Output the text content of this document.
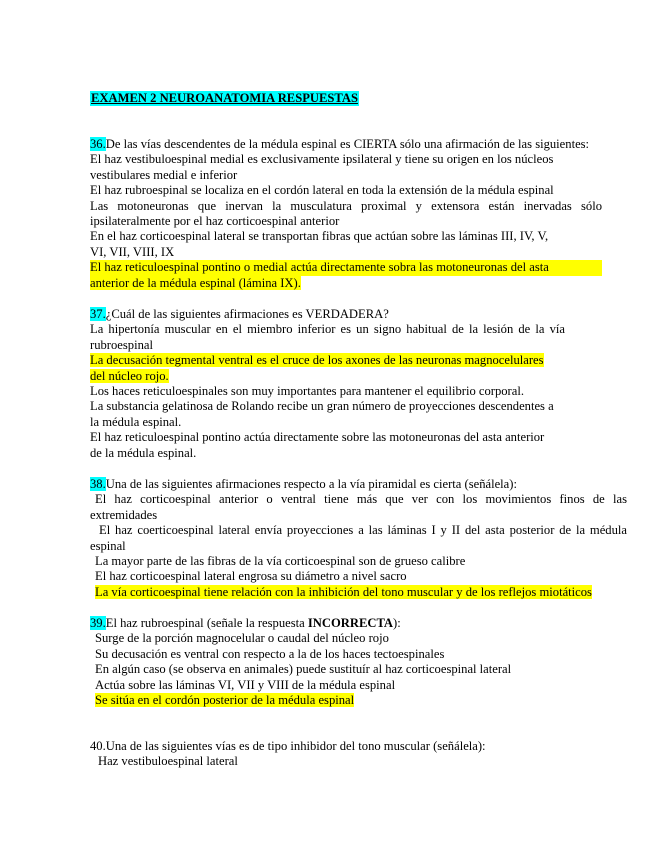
EXAMEN 2 NEUROANATOMIA RESPUESTAS
36.De las vías descendentes de la médula espinal es CIERTA sólo una afirmación de las siguientes:
El haz vestibuloespinal medial es exclusivamente ipsilateral y tiene su origen en los núcleos
vestibulares medial e inferior
El haz rubroespinal se localiza en el cordón lateral en toda la extensión de la médula espinal
Las motoneuronas que inervan la musculatura proximal y extensora están inervadas sólo
ipsilateralmente por el haz corticoespinal anterior
En el haz corticoespinal lateral se transportan fibras que actúan sobre las láminas III, IV, V,
VI, VII, VIII, IX
El haz reticuloespinal pontino o medial actúa directamente sobra las motoneuronas del asta
anterior de la médula espinal (lámina IX).
37.¿Cuál de las siguientes afirmaciones es VERDADERA?
La hipertonía muscular en el miembro inferior es un signo habitual de la lesión de la vía
rubroespinal
La decusación tegmental ventral es el cruce de los axones de las neuronas magnocelulares
del núcleo rojo.
Los haces reticuloespinales son muy importantes para mantener el equilibrio corporal.
La substancia gelatinosa de Rolando recibe un gran número de proyecciones descendentes a
la médula espinal.
El haz reticuloespinal pontino actúa directamente sobre las motoneuronas del asta anterior
de la médula espinal.
38.Una de las siguientes afirmaciones respecto a la vía piramidal es cierta (señálela):
El haz corticoespinal anterior o ventral tiene más que ver con los movimientos finos de las
extremidades
El haz coerticoespinal lateral envía proyecciones a las láminas I y II del asta posterior de la médula
espinal
La mayor parte de las fibras de la vía corticoespinal son de grueso calibre
El haz corticoespinal lateral engrosa su diámetro a nivel sacro
La vía corticoespinal tiene relación con la inhibición del tono muscular y de los reflejos miotáticos
39.El haz rubroespinal (señale la respuesta INCORRECTA):
Surge de la porción magnocelular o caudal del núcleo rojo
Su decusación es ventral con respecto a la de los haces tectoespinales
En algún caso (se observa en animales) puede sustituír al haz corticoespinal lateral
Actúa sobre las láminas VI, VII y VIII de la médula espinal
Se sitúa en el cordón posterior de la médula espinal
40.Una de las siguientes vías es de tipo inhibidor del tono muscular (señálela):
Haz vestibuloespinal lateral
